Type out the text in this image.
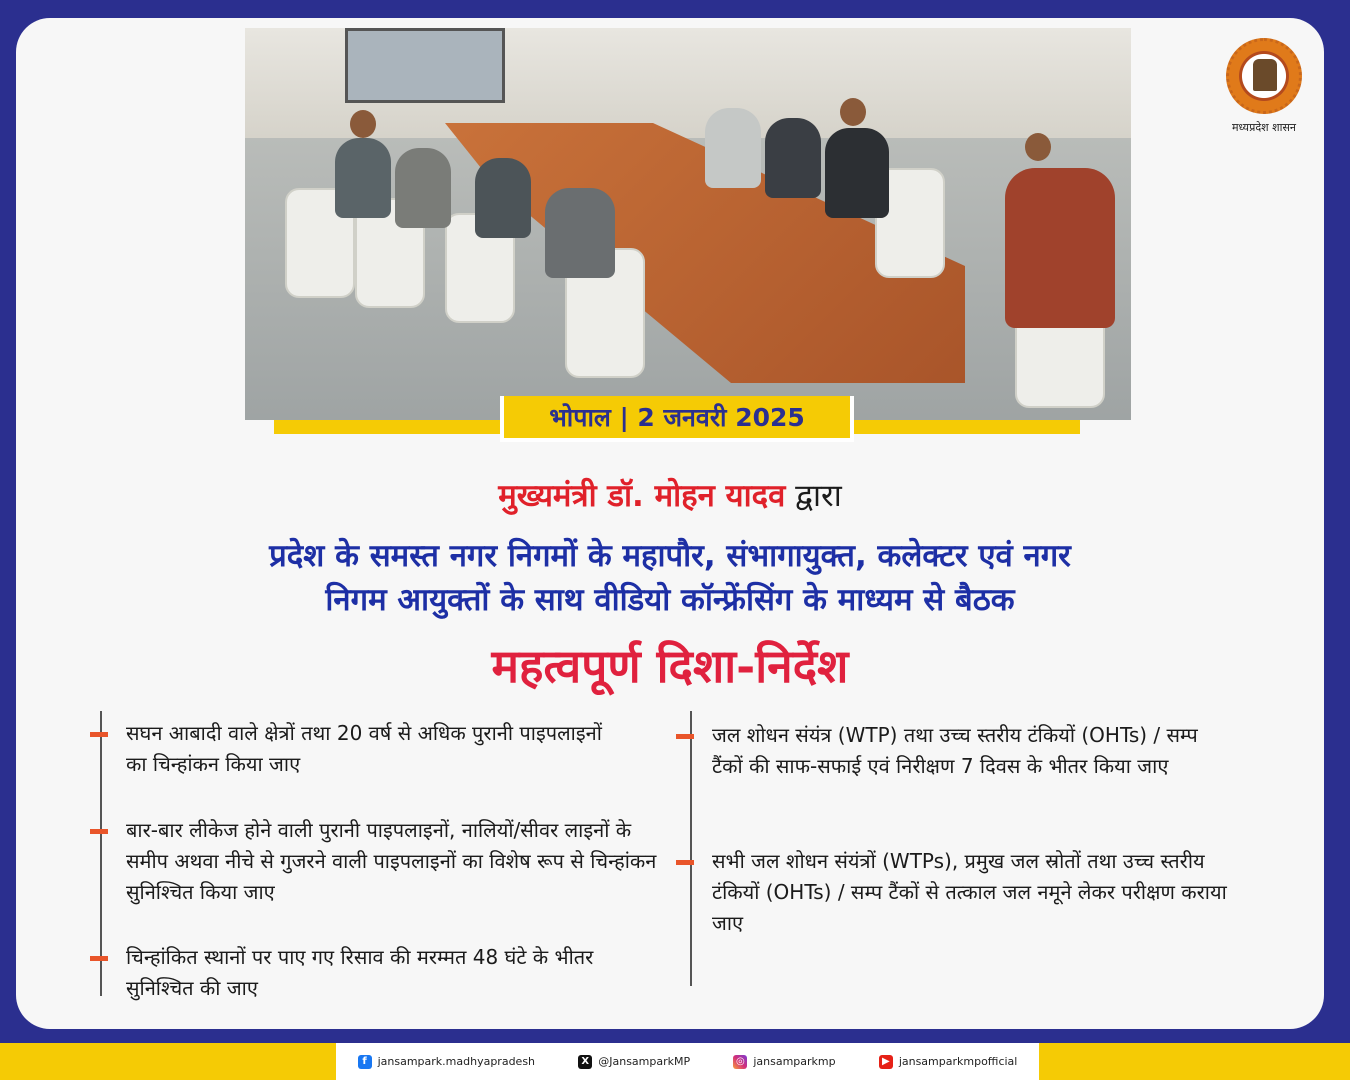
भोपाल | 2 जनवरी 2025
मध्यप्रदेश शासन
मुख्यमंत्री डॉ. मोहन यादव द्वारा
प्रदेश के समस्त नगर निगमों के महापौर, संभागायुक्त, कलेक्टर एवं नगर
निगम आयुक्तों के साथ वीडियो कॉन्फ्रेंसिंग के माध्यम से बैठक
महत्वपूर्ण दिशा-निर्देश
सघन आबादी वाले क्षेत्रों तथा 20 वर्ष से अधिक पुरानी पाइपलाइनों का चिन्हांकन किया जाए
बार-बार लीकेज होने वाली पुरानी पाइपलाइनों, नालियों/सीवर लाइनों के समीप अथवा नीचे से गुजरने वाली पाइपलाइनों का विशेष रूप से चिन्हांकन सुनिश्चित किया जाए
चिन्हांकित स्थानों पर पाए गए रिसाव की मरम्मत 48 घंटे के भीतर सुनिश्चित की जाए
जल शोधन संयंत्र (WTP) तथा उच्च स्तरीय टंकियों (OHTs) / सम्प टैंकों की साफ-सफाई एवं निरीक्षण 7 दिवस के भीतर किया जाए
सभी जल शोधन संयंत्रों (WTPs), प्रमुख जल स्रोतों तथा उच्च स्तरीय टंकियों (OHTs) / सम्प टैंकों से तत्काल जल नमूने लेकर परीक्षण कराया जाए
f jansampark.madhyapradesh	X @JansamparkMP	◎ jansamparkmp	▶ jansamparkmpofficial
